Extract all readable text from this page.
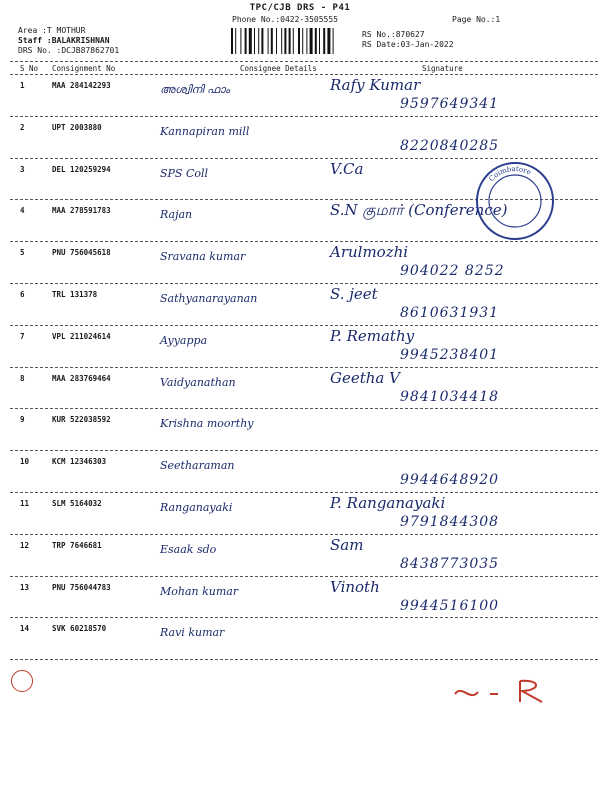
TPC/CJB DRS - P41
Phone No.:0422-3505555	Page No.:1
Area :T MOTHUR
Staff :BALAKRISHNAN
DRS No. :DCJB87862701
RS No.:870627
RS Date:03-Jan-2022
S No Consignment No	Consignee Details	Signature
1	MAA 284142293	അശ്വിനി ഫാം	Rafy Kumar
9597649341
2	UPT 2003880	Kannapiran mill
8220840285
3	DEL 120259294	SPS Coll	V.Ca
4	MAA 278591783	Rajan	S.N குமார் (Conference)
5	PNU 756045618	Sravana kumar	Arulmozhi
904022 8252
6	TRL 131378	Sathyanarayanan	S. jeet
8610631931
7	VPL 211024614	Ayyappa	P. Remathy
9945238401
8	MAA 283769464	Vaidyanathan	Geetha V
9841034418
9	KUR 522038592	Krishna moorthy
10	KCM 12346303	Seetharaman
9944648920
11	SLM 5164032	Ranganayaki	P. Ranganayaki
9791844308
12	TRP 7646681	Esaak sdo	Sam
8438773035
13	PNU 756044783	Mohan kumar	Vinoth
9944516100
14	SVK 60218570	Ravi kumar
Coimbatore
